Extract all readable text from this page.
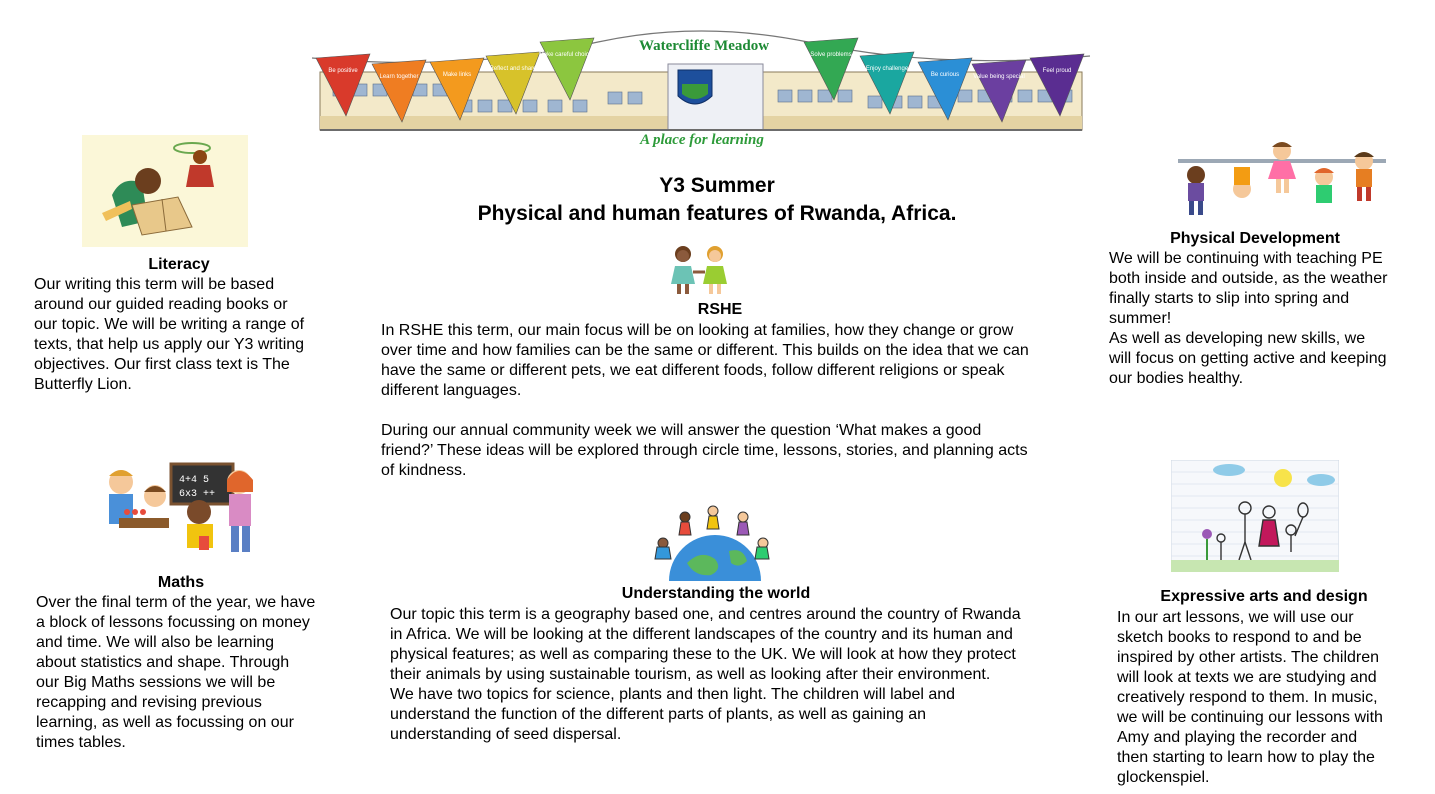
Be positive
Learn together	Make links
Reflect and share
Make careful choices	Solve problems
Enjoy challenge
Be curious Value being special
Feel proud
Watercliffe Meadow
A place for learning
Y3 Summer
Physical and human features of Rwanda, Africa.
Literacy
Our writing this term will be based
around our guided reading books or
our topic. We will be writing a range of
texts, that help us apply our Y3 writing
objectives. Our first class text is The
Butterfly Lion.
4+4 5
6x3 ++
Maths
Over the final term of the year, we have
a block of lessons focussing on money
and time. We will also be learning
about statistics and shape. Through
our Big Maths sessions we will be
recapping and revising previous
learning, as well as focussing on our
times tables.
RSHE
In RSHE this term, our main focus will be on looking at families, how they change or grow
over time and how families can be the same or different. This builds on the idea that we can
have the same or different pets, we eat different foods, follow different religions or speak
different languages.

During our annual community week we will answer the question ‘What makes a good
friend?’ These ideas will be explored through circle time, lessons, stories, and planning acts
of kindness.
Understanding the world
Our topic this term is a geography based one, and centres around the country of Rwanda
in Africa. We will be looking at the different landscapes of the country and its human and
physical features; as well as comparing these to the UK. We will look at how they protect
their animals by using sustainable tourism, as well as looking after their environment.
We have two topics for science, plants and then light. The children will label and
understand the function of the different parts of plants, as well as gaining an
understanding of seed dispersal.
Physical Development
We will be continuing with teaching PE
both inside and outside, as the weather
finally starts to slip into spring and
summer!
As well as developing new skills, we
will focus on getting active and keeping
our bodies healthy.
Expressive arts and design
In our art lessons, we will use our
sketch books to respond to and be
inspired by other artists. The children
will look at texts we are studying and
creatively respond to them. In music,
we will be continuing our lessons with
Amy and playing the recorder and
then starting to learn how to play the
glockenspiel.
